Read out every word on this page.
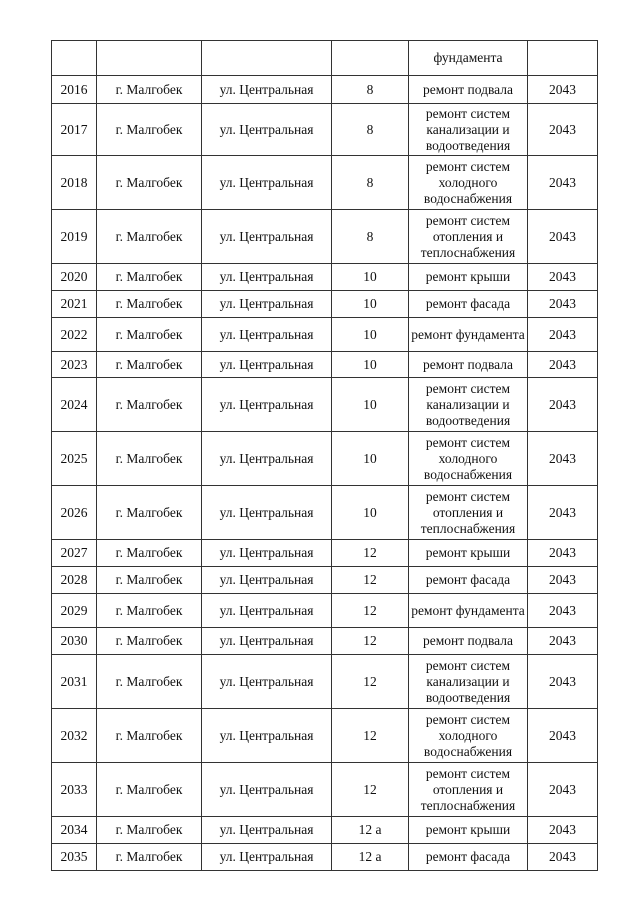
				фундамента	
2016	г. Малгобек	ул. Центральная	8	ремонт подвала	2043
2017	г. Малгобек	ул. Центральная	8	ремонт систем канализации и водоотведения	2043
2018	г. Малгобек	ул. Центральная	8	ремонт систем холодного водоснабжения	2043
2019	г. Малгобек	ул. Центральная	8	ремонт систем отопления и теплоснабжения	2043
2020	г. Малгобек	ул. Центральная	10	ремонт крыши	2043
2021	г. Малгобек	ул. Центральная	10	ремонт фасада	2043
2022	г. Малгобек	ул. Центральная	10	ремонт фундамента	2043
2023	г. Малгобек	ул. Центральная	10	ремонт подвала	2043
2024	г. Малгобек	ул. Центральная	10	ремонт систем канализации и водоотведения	2043
2025	г. Малгобек	ул. Центральная	10	ремонт систем холодного водоснабжения	2043
2026	г. Малгобек	ул. Центральная	10	ремонт систем отопления и теплоснабжения	2043
2027	г. Малгобек	ул. Центральная	12	ремонт крыши	2043
2028	г. Малгобек	ул. Центральная	12	ремонт фасада	2043
2029	г. Малгобек	ул. Центральная	12	ремонт фундамента	2043
2030	г. Малгобек	ул. Центральная	12	ремонт подвала	2043
2031	г. Малгобек	ул. Центральная	12	ремонт систем канализации и водоотведения	2043
2032	г. Малгобек	ул. Центральная	12	ремонт систем холодного водоснабжения	2043
2033	г. Малгобек	ул. Центральная	12	ремонт систем отопления и теплоснабжения	2043
2034	г. Малгобек	ул. Центральная	12 а	ремонт крыши	2043
2035	г. Малгобек	ул. Центральная	12 а	ремонт фасада	2043
